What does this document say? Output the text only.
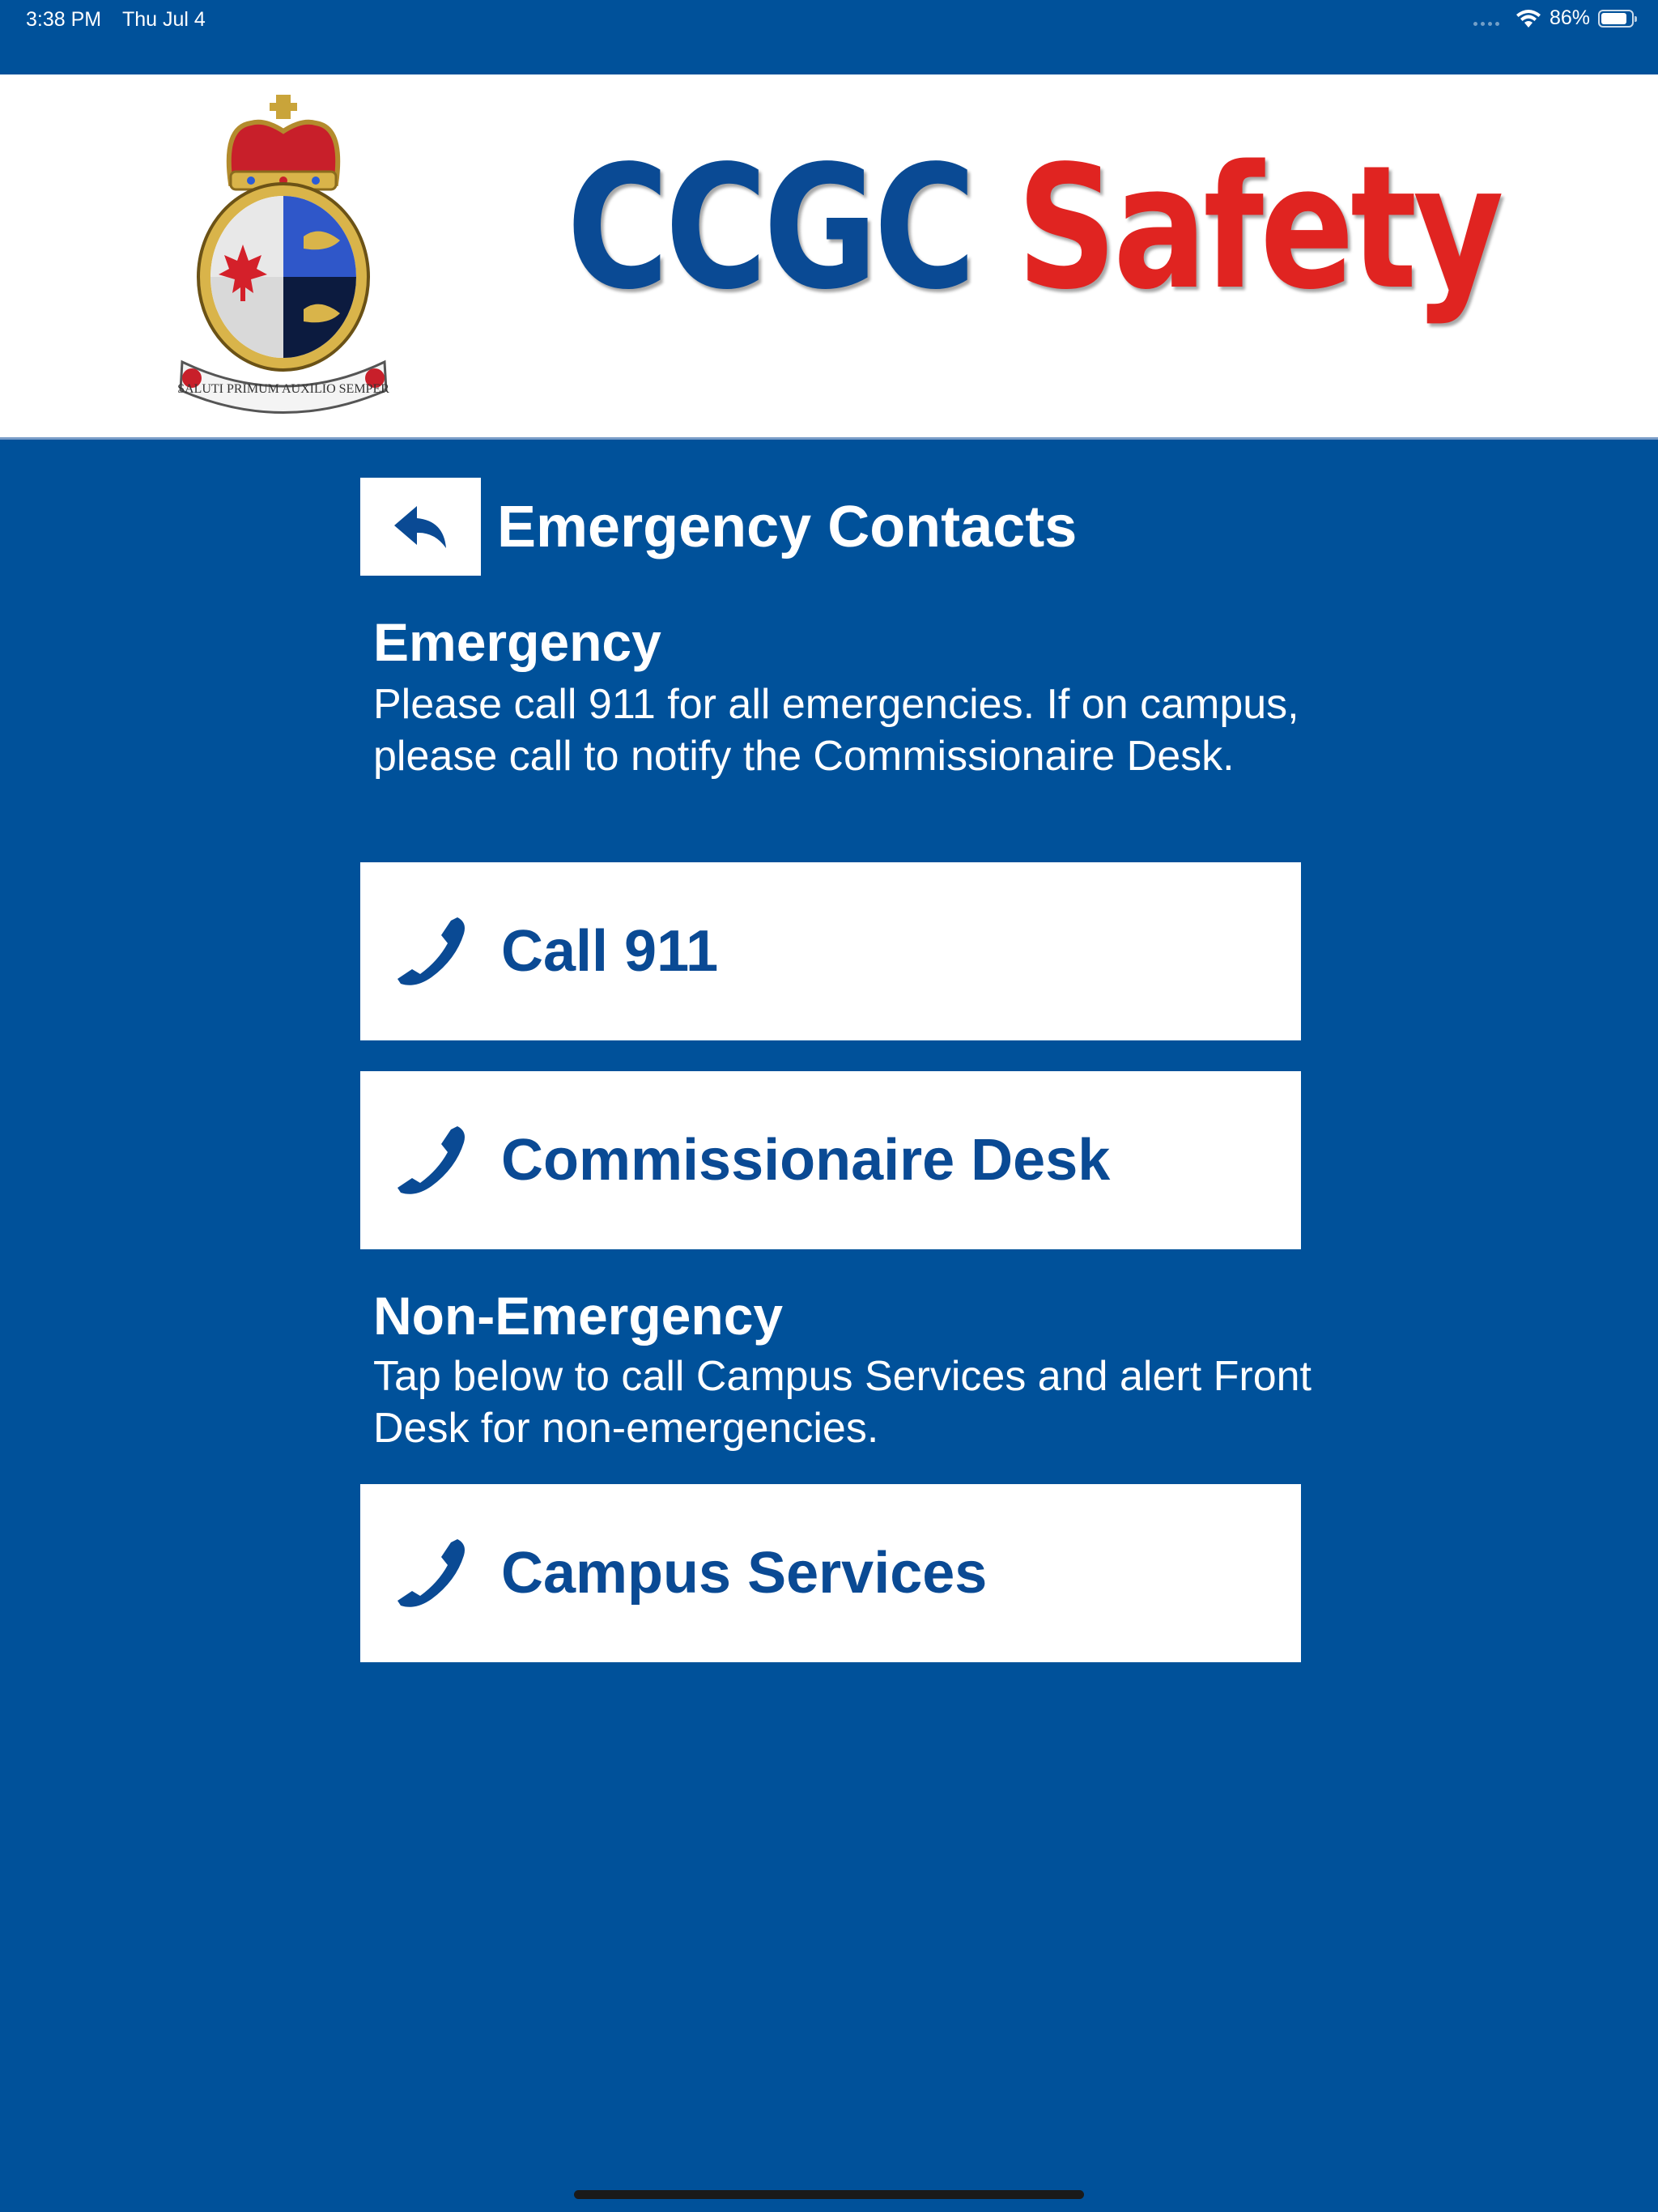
3:38 PM Thu Jul 4	86%
SALUTI PRIMUM AUXILIO SEMPER
CCGC Safety
Emergency Contacts
Emergency
Please call 911 for all emergencies. If on campus, please call to notify the Commissionaire Desk.
Call 911
Commissionaire Desk
Non-Emergency
Tap below to call Campus Services and alert Front Desk for non-emergencies.
Campus Services
